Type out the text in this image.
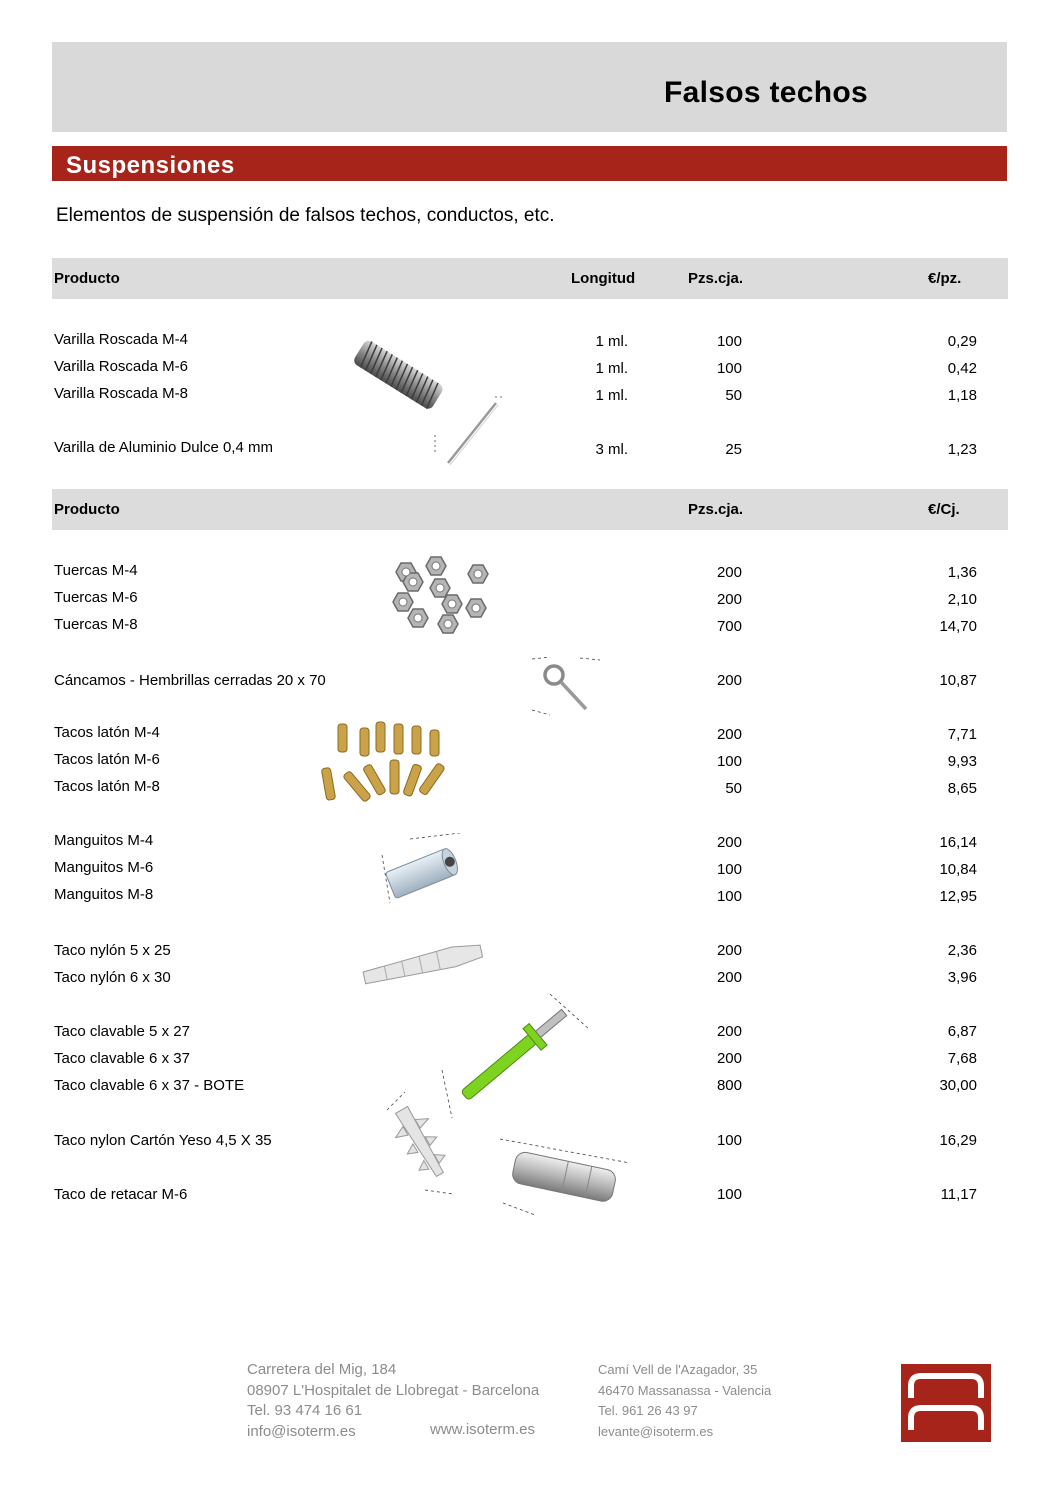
Falsos techos
Suspensiones
Elementos de suspensión de falsos techos, conductos, etc.
Producto	Longitud	Pzs.cja.	€/pz.
Varilla Roscada M-4	1 ml.	100	0,29
Varilla Roscada M-6	1 ml.	100	0,42
Varilla Roscada M-8	1 ml.	50	1,18
Varilla de Aluminio Dulce 0,4 mm	3 ml.	25	1,23
Producto	Pzs.cja.	€/Cj.
Tuercas M-4	200	1,36
Tuercas M-6	200	2,10
Tuercas M-8	700	14,70
Cáncamos - Hembrillas cerradas 20 x 70	200	10,87
Tacos latón M-4	200	7,71
Tacos latón M-6	100	9,93
Tacos latón M-8	50	8,65
Manguitos M-4	200	16,14
Manguitos M-6	100	10,84
Manguitos M-8	100	12,95
Taco nylón 5 x 25	200	2,36
Taco nylón 6 x 30	200	3,96
Taco clavable 5 x 27	200	6,87
Taco clavable 6 x 37	200	7,68
Taco clavable 6 x 37 - BOTE	800	30,00
Taco nylon Cartón Yeso 4,5 X 35	100	16,29
Taco de retacar M-6	100	11,17
Carretera del Mig, 184
08907 L'Hospitalet de Llobregat - Barcelona
Tel. 93 474 16 61
info@isoterm.es	www.isoterm.es
Camí Vell de l'Azagador, 35
46470 Massanassa - Valencia
Tel. 961 26 43 97
levante@isoterm.es
